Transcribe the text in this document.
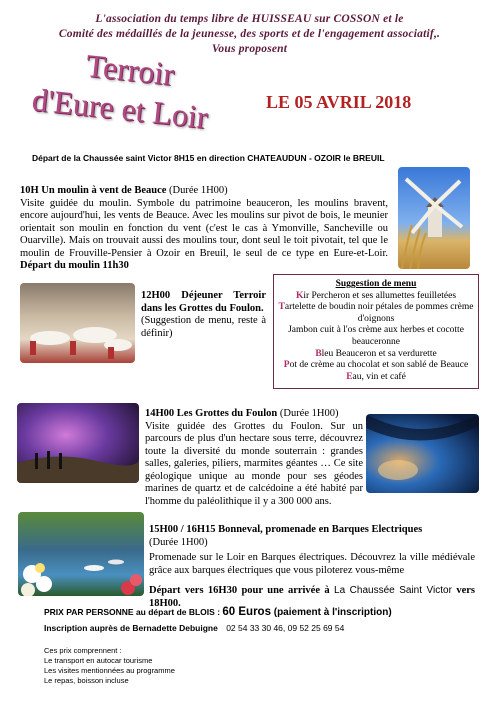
L'association du temps libre de HUISSEAU sur COSSON et le
Comité des médaillés de la jeunesse, des sports et de l'engagement associatif,.
Vous proposent
Terroir
d'Eure et Loir	LE 05 AVRIL 2018
Départ de la Chaussée saint Victor 8H15 en direction CHATEAUDUN - OZOIR le BREUIL
10H Un moulin à vent de Beauce (Durée 1H00)
Visite guidée du moulin. Symbole du patrimoine beauceron, les moulins bravent, encore aujourd'hui, les vents de Beauce. Avec les moulins sur pivot de bois, le meunier orientait son moulin en fonction du vent (c'est le cas à Ymonville, Sancheville ou Ouarville). Mais on trouvait aussi des moulins tour, dont seul le toit pivotait, tel que le moulin de Frouville-Pensier à Ozoir en Breuil, le seul de ce type en Eure-et-Loir. Départ du moulin 11h30
12H00 Déjeuner Terroir dans les Grottes du Foulon.
(Suggestion de menu, reste à définir)
Suggestion de menu
Kir Percheron et ses allumettes feuilletées
Tartelette de boudin noir pétales de pommes crème d'oignons
Jambon cuit à l'os crème aux herbes et cocotte beauceronne
Bleu Beauceron et sa verdurette
Pot de crème au chocolat et son sablé de Beauce
Eau, vin et café
14H00 Les Grottes du Foulon (Durée 1H00)
Visite guidée des Grottes du Foulon. Sur un parcours de plus d'un hectare sous terre, découvrez toute la diversité du monde souterrain : grandes salles, galeries, piliers, marmites géantes … Ce site géologique unique au monde pour ses géodes marines de quartz et de calcédoine a été habité par l'homme du paléolithique il y a 300 000 ans.
15H00 / 16H15 Bonneval, promenade en Barques Electriques
(Durée 1H00)
Promenade sur le Loir en Barques électriques. Découvrez la ville médiévale grâce aux barques électriques que vous piloterez vous-même
Départ vers 16H30 pour une arrivée à La Chaussée Saint Victor vers 18H00.
PRIX PAR PERSONNE au départ de BLOIS : 60 Euros (paiement à l'inscription)
Inscription auprès de Bernadette Debuigne 02 54 33 30 46, 09 52 25 69 54
Ces prix comprennent :
Le transport en autocar tourisme
Les visites mentionnées au programme
Le repas, boisson incluse
